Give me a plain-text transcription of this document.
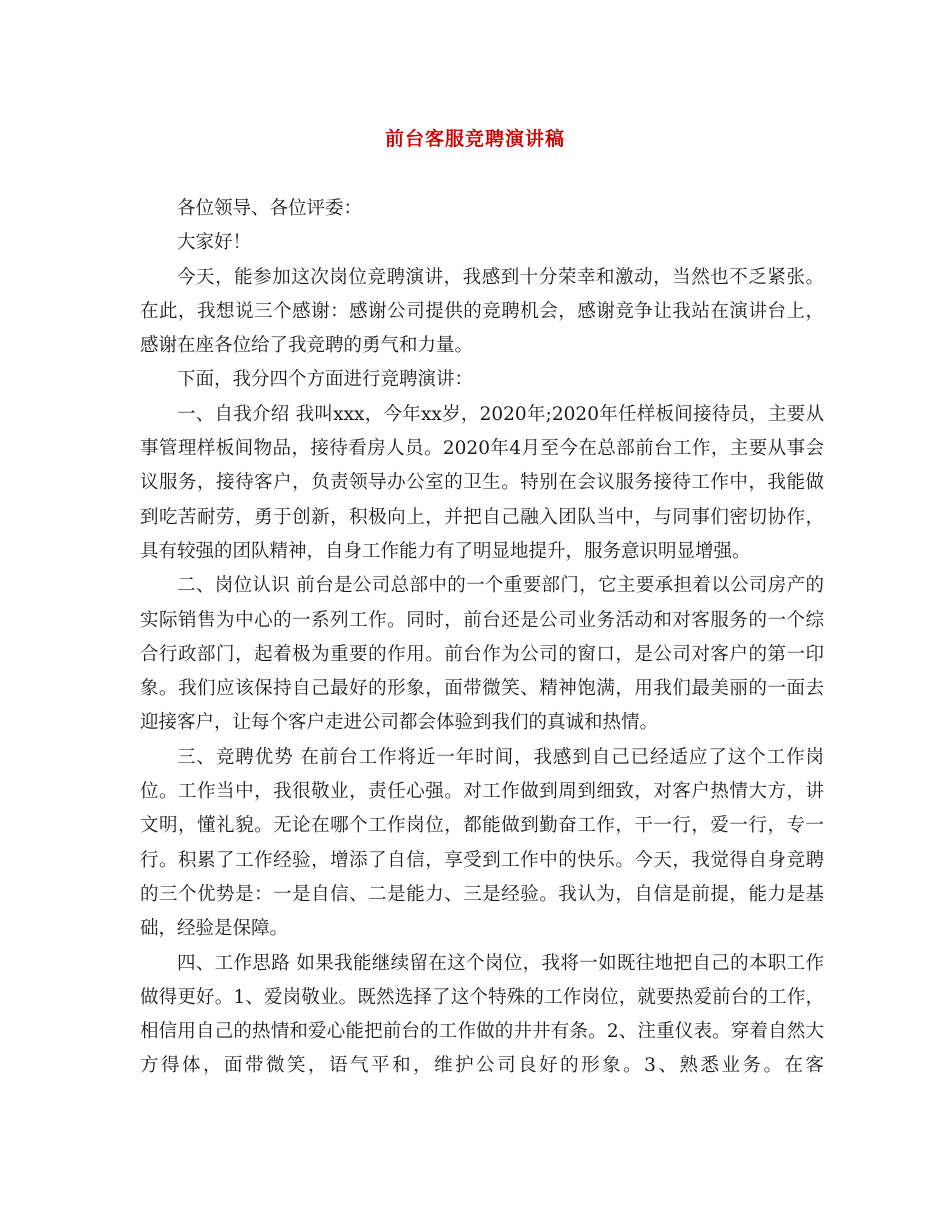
前台客服竞聘演讲稿

各位领导、各位评委：

大家好！

今天，能参加这次岗位竞聘演讲，我感到十分荣幸和激动，当然也不乏紧张。在此，我想说三个感谢：感谢公司提供的竞聘机会，感谢竞争让我站在演讲台上，感谢在座各位给了我竞聘的勇气和力量。

下面，我分四个方面进行竞聘演讲：

一、自我介绍 我叫xxx，今年xx岁，2020年;2020年任样板间接待员，主要从事管理样板间物品，接待看房人员。2020年4月至今在总部前台工作，主要从事会议服务，接待客户，负责领导办公室的卫生。特别在会议服务接待工作中，我能做到吃苦耐劳，勇于创新，积极向上，并把自己融入团队当中，与同事们密切协作，具有较强的团队精神，自身工作能力有了明显地提升，服务意识明显增强。

二、岗位认识 前台是公司总部中的一个重要部门，它主要承担着以公司房产的实际销售为中心的一系列工作。同时，前台还是公司业务活动和对客服务的一个综合行政部门，起着极为重要的作用。前台作为公司的窗口，是公司对客户的第一印象。我们应该保持自己最好的形象，面带微笑、精神饱满，用我们最美丽的一面去迎接客户，让每个客户走进公司都会体验到我们的真诚和热情。

三、竞聘优势 在前台工作将近一年时间，我感到自己已经适应了这个工作岗位。工作当中，我很敬业，责任心强。对工作做到周到细致，对客户热情大方，讲文明，懂礼貌。无论在哪个工作岗位，都能做到勤奋工作，干一行，爱一行，专一行。积累了工作经验，增添了自信，享受到工作中的快乐。今天，我觉得自身竞聘的三个优势是：一是自信、二是能力、三是经验。我认为，自信是前提，能力是基础，经验是保障。

四、工作思路 如果我能继续留在这个岗位，我将一如既往地把自己的本职工作做得更好。1、爱岗敬业。既然选择了这个特殊的工作岗位，就要热爱前台的工作，相信用自己的热情和爱心能把前台的工作做的井井有条。2、注重仪表。穿着自然大方得体，面带微笑，语气平和，维护公司良好的形象。3、熟悉业务。在客
